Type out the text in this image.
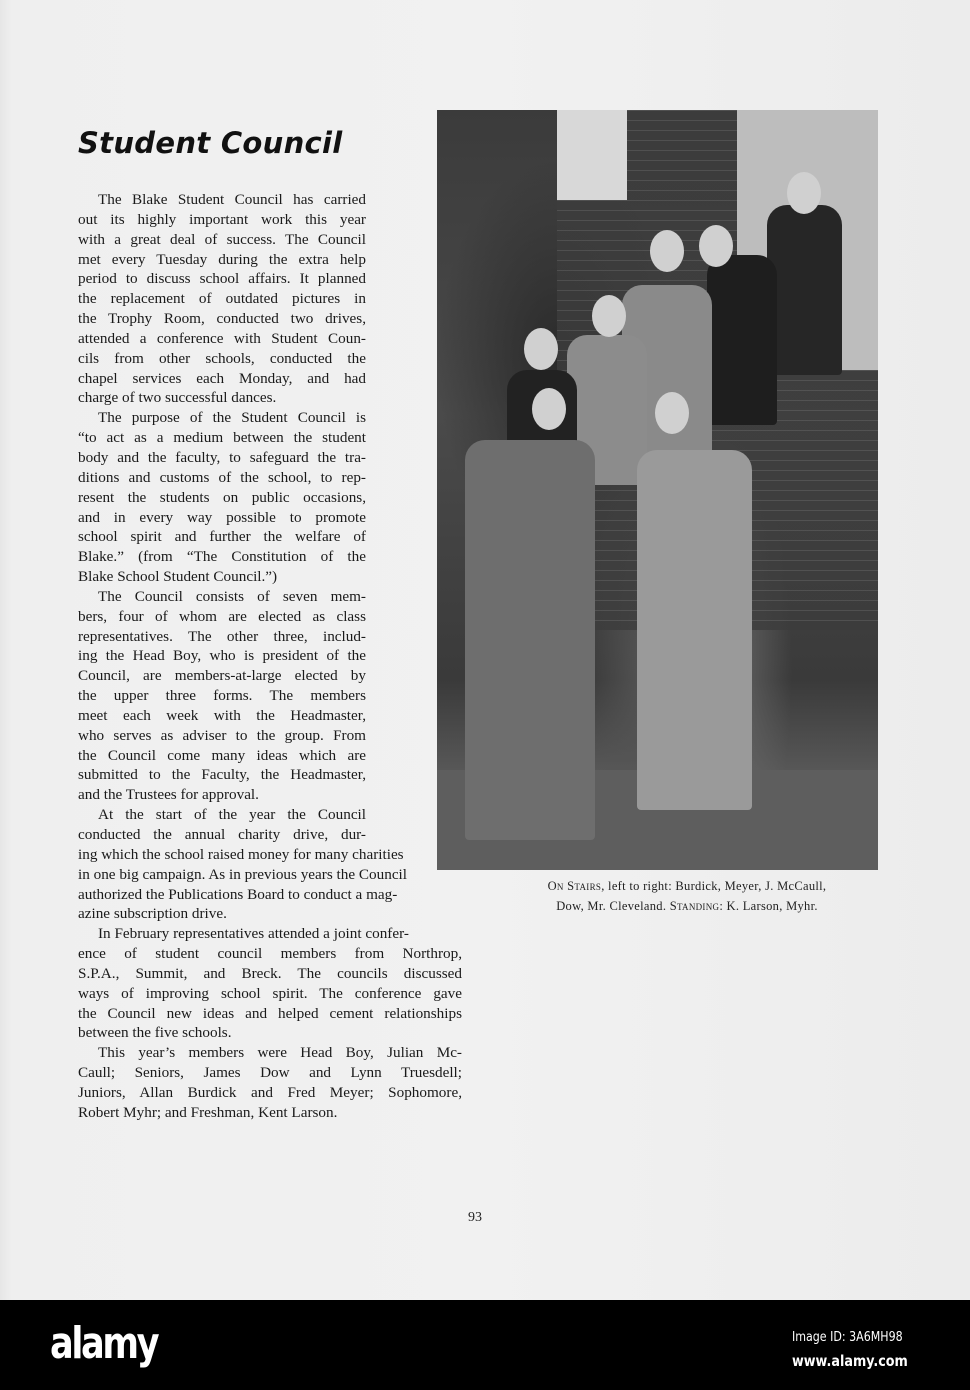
Student Council
The Blake Student Council has carried
out its highly important work this year
with a great deal of success. The Council
met every Tuesday during the extra help
period to discuss school affairs. It planned
the replacement of outdated pictures in
the Trophy Room, conducted two drives,
attended a conference with Student Coun-
cils from other schools, conducted the
chapel services each Monday, and had
charge of two successful dances.
The purpose of the Student Council is
“to act as a medium between the student
body and the faculty, to safeguard the tra-
ditions and customs of the school, to rep-
resent the students on public occasions,
and in every way possible to promote
school spirit and further the welfare of
Blake.” (from “The Constitution of the
Blake School Student Council.”)
The Council consists of seven mem-
bers, four of whom are elected as class
representatives. The other three, includ-
ing the Head Boy, who is president of the
Council, are members-at-large elected by
the upper three forms. The members
meet each week with the Headmaster,
who serves as adviser to the group. From
the Council come many ideas which are
submitted to the Faculty, the Headmaster,
and the Trustees for approval.
At the start of the year the Council
conducted the annual charity drive, dur-
ing which the school raised money for many charities
in one big campaign. As in previous years the Council
authorized the Publications Board to conduct a mag-
azine subscription drive.
In February representatives attended a joint confer-
ence of student council members from Northrop,
S.P.A., Summit, and Breck. The councils discussed
ways of improving school spirit. The conference gave
the Council new ideas and helped cement relationships
between the five schools.
This year’s members were Head Boy, Julian Mc-
Caull; Seniors, James Dow and Lynn Truesdell;
Juniors, Allan Burdick and Fred Meyer; Sophomore,
Robert Myhr; and Freshman, Kent Larson.
On Stairs, left to right: Burdick, Meyer, J. McCaull,
Dow, Mr. Cleveland. Standing: K. Larson, Myhr.
93
alamy	Image ID: 3A6MH98
www.alamy.com
